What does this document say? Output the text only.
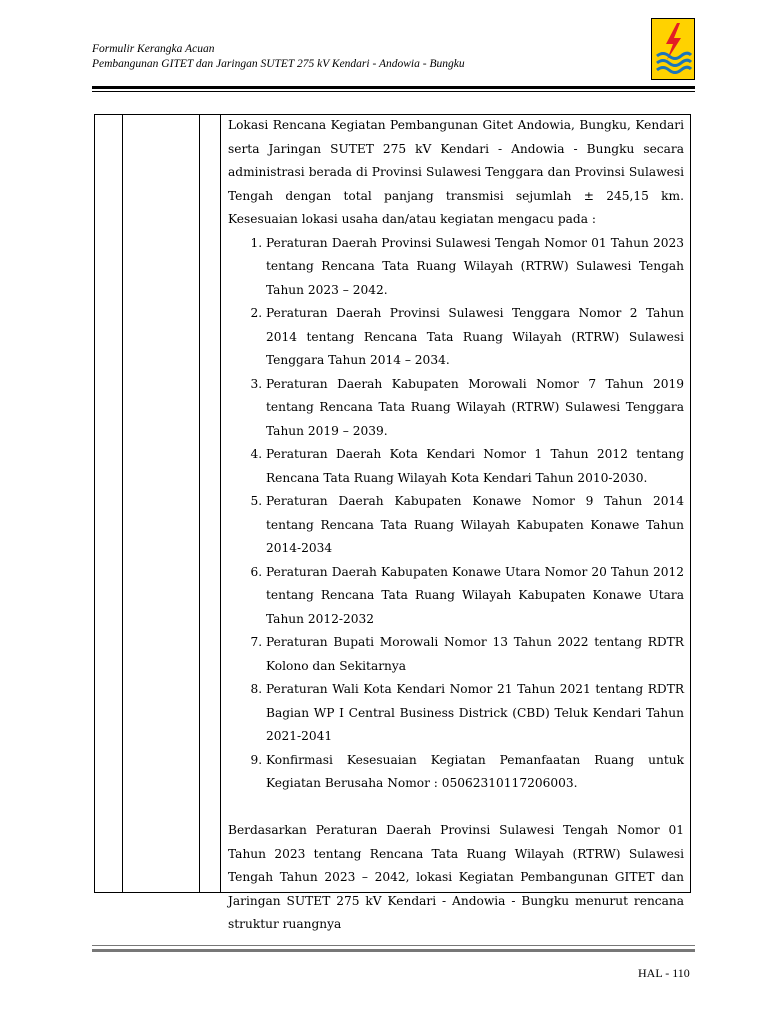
Formulir Kerangka Acuan
Pembangunan GITET dan Jaringan SUTET 275 kV Kendari - Andowia - Bungku

Lokasi Rencana Kegiatan Pembangunan Gitet Andowia, Bungku, Kendari serta Jaringan SUTET 275 kV Kendari - Andowia - Bungku secara administrasi berada di Provinsi Sulawesi Tenggara dan Provinsi Sulawesi Tengah dengan total panjang transmisi sejumlah ± 245,15 km. Kesesuaian lokasi usaha dan/atau kegiatan mengacu pada :

1. Peraturan Daerah Provinsi Sulawesi Tengah Nomor 01 Tahun 2023 tentang Rencana Tata Ruang Wilayah (RTRW) Sulawesi Tengah Tahun 2023 – 2042.
2. Peraturan Daerah Provinsi Sulawesi Tenggara Nomor 2 Tahun 2014 tentang Rencana Tata Ruang Wilayah (RTRW) Sulawesi Tenggara Tahun 2014 – 2034.
3. Peraturan Daerah Kabupaten Morowali Nomor 7 Tahun 2019 tentang Rencana Tata Ruang Wilayah (RTRW) Sulawesi Tenggara Tahun 2019 – 2039.
4. Peraturan Daerah Kota Kendari Nomor 1 Tahun 2012 tentang Rencana Tata Ruang Wilayah Kota Kendari Tahun 2010-2030.
5. Peraturan Daerah Kabupaten Konawe Nomor 9 Tahun 2014 tentang Rencana Tata Ruang Wilayah Kabupaten Konawe Tahun 2014-2034
6. Peraturan Daerah Kabupaten Konawe Utara Nomor 20 Tahun 2012 tentang Rencana Tata Ruang Wilayah Kabupaten Konawe Utara Tahun 2012-2032
7. Peraturan Bupati Morowali Nomor 13 Tahun 2022 tentang RDTR Kolono dan Sekitarnya
8. Peraturan Wali Kota Kendari Nomor 21 Tahun 2021 tentang RDTR Bagian WP I Central Business Districk (CBD) Teluk Kendari Tahun 2021-2041
9. Konfirmasi Kesesuaian Kegiatan Pemanfaatan Ruang untuk Kegiatan Berusaha Nomor : 05062310117206003.

Berdasarkan Peraturan Daerah Provinsi Sulawesi Tengah Nomor 01 Tahun 2023 tentang Rencana Tata Ruang Wilayah (RTRW) Sulawesi Tengah Tahun 2023 – 2042, lokasi Kegiatan Pembangunan GITET dan Jaringan SUTET 275 kV Kendari - Andowia - Bungku menurut rencana struktur ruangnya

HAL - 110
